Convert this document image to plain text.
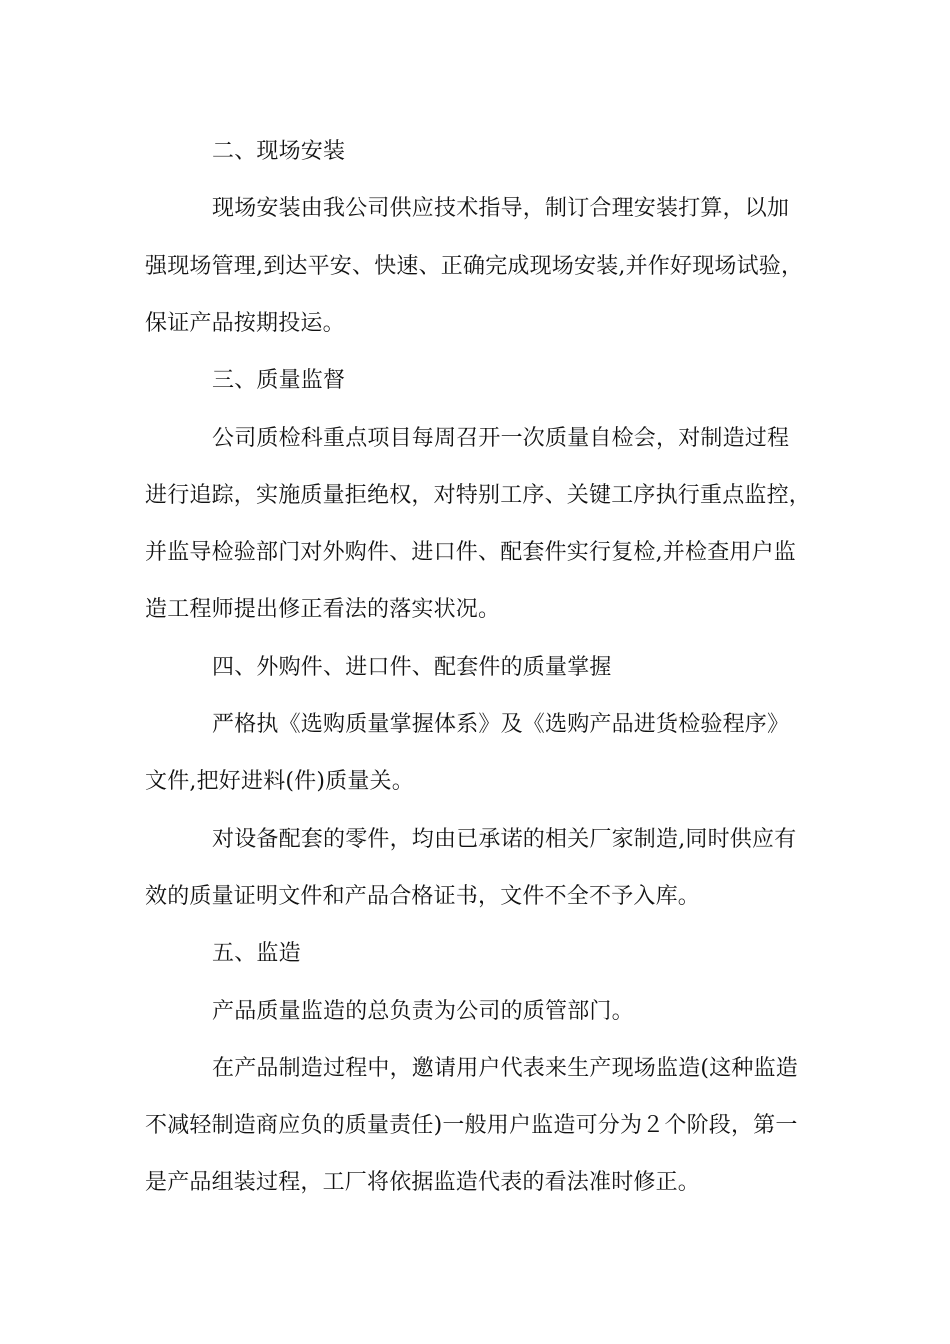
二、现场安装
现场安装由我公司供应技术指导，制订合理安装打算，以加
强现场管理,到达平安、快速、正确完成现场安装,并作好现场试验，
保证产品按期投运。
三、质量监督
公司质检科重点项目每周召开一次质量自检会，对制造过程
进行追踪，实施质量拒绝权，对特别工序、关键工序执行重点监控，
并监导检验部门对外购件、进口件、配套件实行复检,并检查用户监
造工程师提出修正看法的落实状况。
四、外购件、进口件、配套件的质量掌握
严格执《选购质量掌握体系》及《选购产品进货检验程序》
文件,把好进料(件)质量关。
对设备配套的零件，均由已承诺的相关厂家制造,同时供应有
效的质量证明文件和产品合格证书，文件不全不予入库。
五、监造
产品质量监造的总负责为公司的质管部门。
在产品制造过程中，邀请用户代表来生产现场监造(这种监造
不减轻制造商应负的质量责任)一般用户监造可分为２个阶段，第一
是产品组装过程，工厂将依据监造代表的看法准时修正。
